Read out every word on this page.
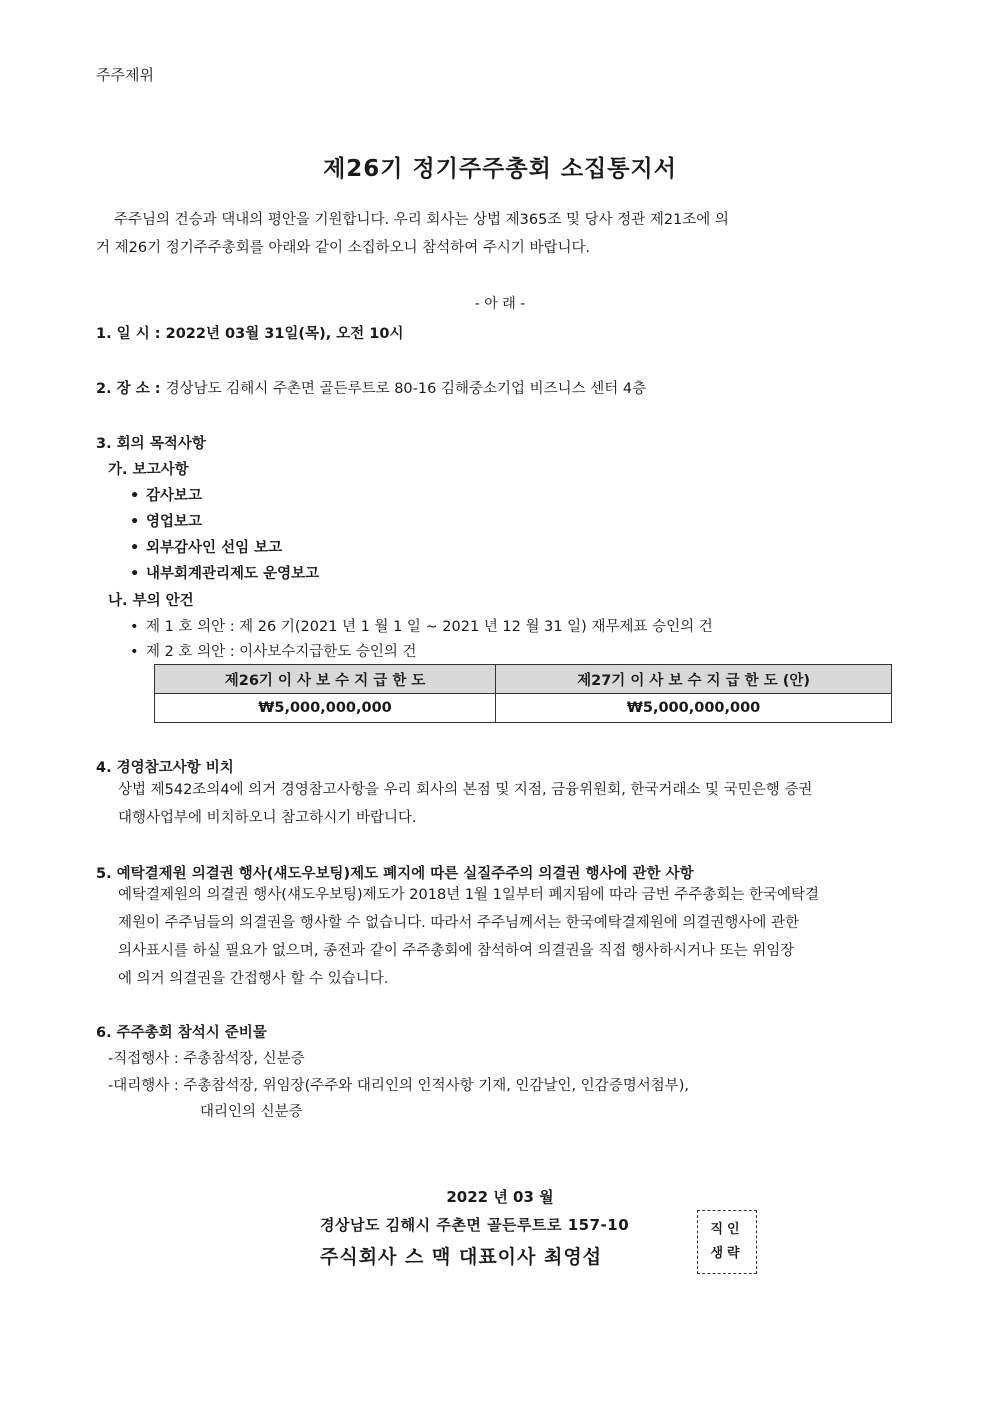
주주제위
제26기 정기주주총회 소집통지서
주주님의 건승과 댁내의 평안을 기원합니다. 우리 회사는 상법 제365조 및 당사 정관 제21조에 의
거 제26기 정기주주총회를 아래와 같이 소집하오니 참석하여 주시기 바랍니다.
- 아 래 -
1. 일 시 : 2022년 03월 31일(목), 오전 10시
2. 장 소 : 경상남도 김해시 주촌면 골든루트로 80-16 김해중소기업 비즈니스 센터 4층
3. 회의 목적사항
가. 보고사항
• 감사보고
• 영업보고
• 외부감사인 선임 보고
• 내부회계관리제도 운영보고
나. 부의 안건
• 제 1 호 의안 : 제 26 기(2021 년 1 월 1 일 ~ 2021 년 12 월 31 일) 재무제표 승인의 건
• 제 2 호 의안 : 이사보수지급한도 승인의 건
제26기 이 사 보 수 지 급 한 도	제27기 이 사 보 수 지 급 한 도 (안)
₩5,000,000,000	₩5,000,000,000
4. 경영참고사항 비치
상법 제542조의4에 의거 경영참고사항을 우리 회사의 본점 및 지점, 금융위원회, 한국거래소 및 국민은행 증권
대행사업부에 비치하오니 참고하시기 바랍니다.
5. 예탁결제원 의결권 행사(섀도우보팅)제도 폐지에 따른 실질주주의 의결권 행사에 관한 사항
예탁결제원의 의결권 행사(섀도우보팅)제도가 2018년 1월 1일부터 폐지됨에 따라 금번 주주총회는 한국예탁결
제원이 주주님들의 의결권을 행사할 수 없습니다. 따라서 주주님께서는 한국예탁결제원에 의결권행사에 관한
의사표시를 하실 필요가 없으며, 종전과 같이 주주총회에 참석하여 의결권을 직접 행사하시거나 또는 위임장
에 의거 의결권을 간접행사 할 수 있습니다.
6. 주주총회 참석시 준비물
-직접행사 : 주총참석장, 신분증
-대리행사 : 주총참석장, 위임장(주주와 대리인의 인적사항 기재, 인감날인, 인감증명서첨부),
대리인의 신분증
2022 년 03 월
경상남도 김해시 주촌면 골든루트로 157-10
주식회사 스 맥 대표이사 최영섭
직인
생략
